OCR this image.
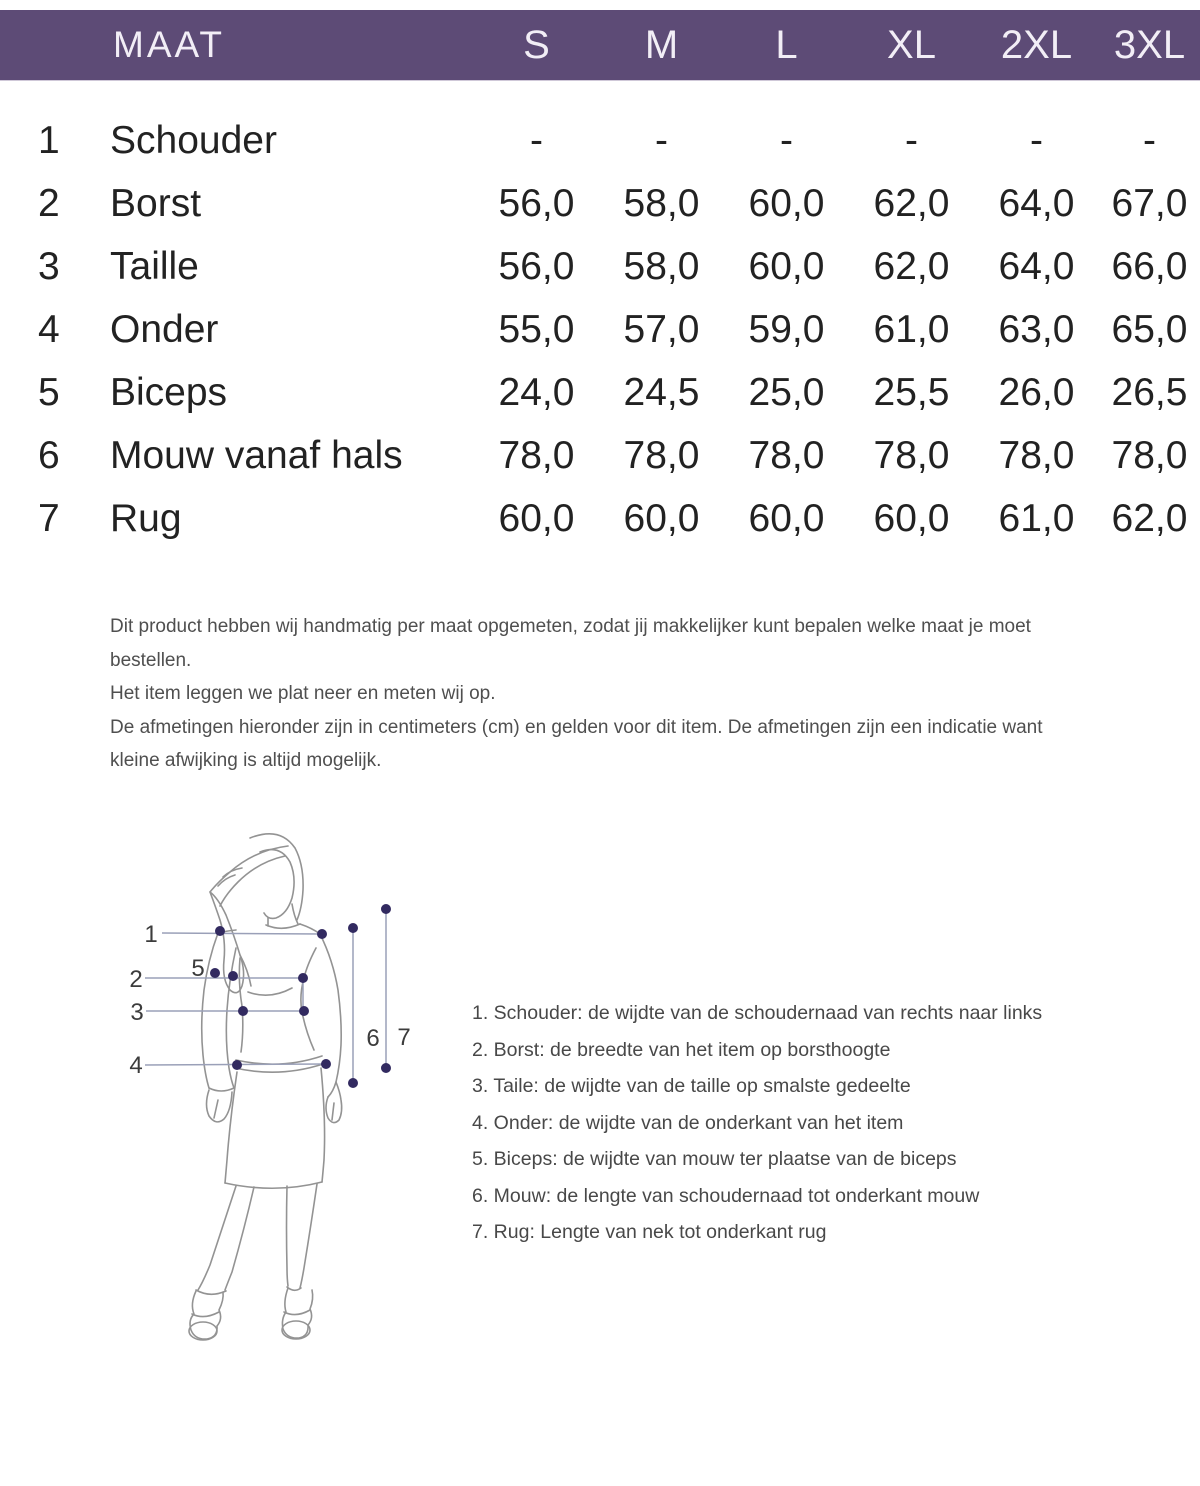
MAAT	S	M	L	XL	2XL	3XL
1	Schouder	-	-	-	-	-	-
2	Borst	56,0	58,0	60,0	62,0	64,0 67,0
3	Taille	56,0	58,0	60,0	62,0	64,0 66,0
4	Onder	55,0	57,0	59,0	61,0	63,0 65,0
5	Biceps	24,0	24,5	25,0	25,5	26,0 26,5
6	Mouw vanaf hals	78,0	78,0	78,0	78,0	78,0 78,0
7	Rug	60,0	60,0	60,0	60,0	61,0 62,0

Dit product hebben wij handmatig per maat opgemeten, zodat jij makkelijker kunt bepalen welke maat je moet bestellen.

Het item leggen we plat neer en meten wij op.

De afmetingen hieronder zijn in centimeters (cm) en gelden voor dit item. De afmetingen zijn een indicatie want kleine afwijking is altijd mogelijk.

1
2
3
4
5
6 7
1. Schouder: de wijdte van de schoudernaad van rechts naar links
2. Borst: de breedte van het item op borsthoogte
3. Taile: de wijdte van de taille op smalste gedeelte
4. Onder: de wijdte van de onderkant van het item
5. Biceps: de wijdte van mouw ter plaatse van de biceps
6. Mouw: de lengte van schoudernaad tot onderkant mouw
7. Rug: Lengte van nek tot onderkant rug
